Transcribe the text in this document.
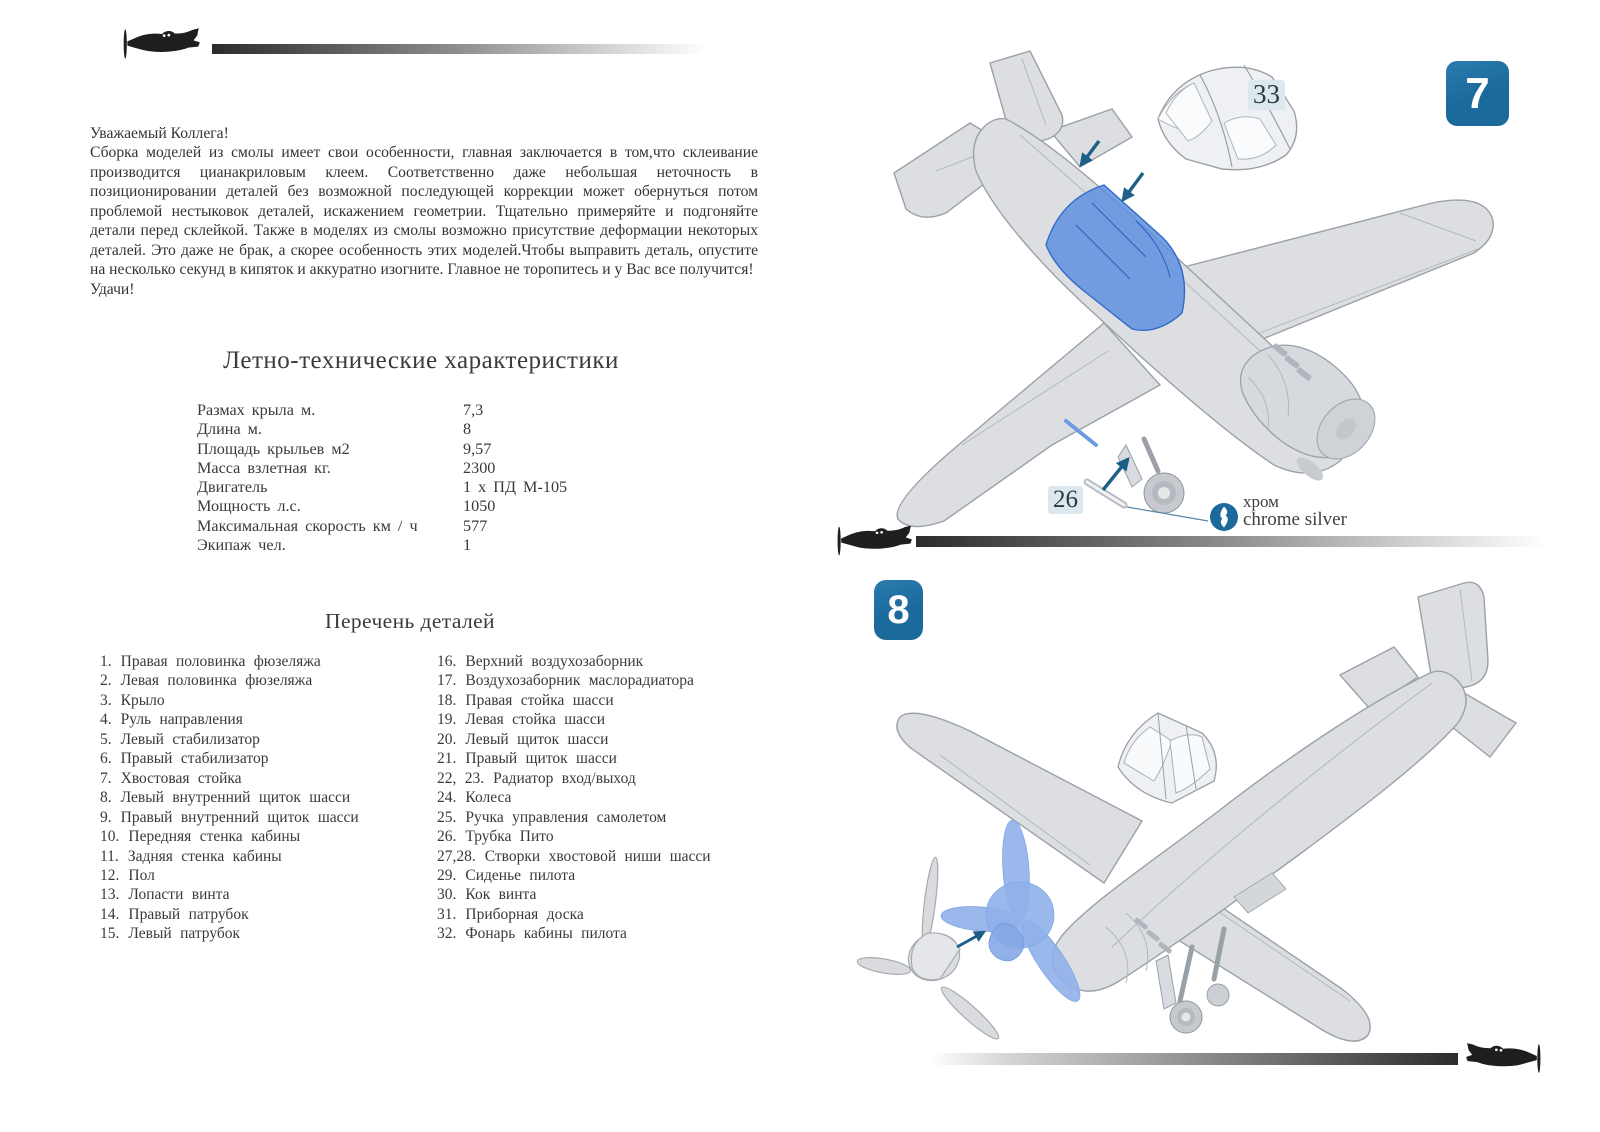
Уважаемый Коллега!
Сборка моделей из смолы имеет свои особенности, главная заключается в том,что склеивание производится цианакриловым клеем. Соответственно даже небольшая неточность в позиционировании деталей без возможной последующей коррекции может обернуться потом проблемой нестыковок деталей, искажением геометрии. Тщательно примеряйте и подгоняйте детали перед склейкой. Также в моделях из смолы возможно присутствие деформации некоторых деталей. Это даже не брак, а скорее особенность этих моделей.Чтобы выправить деталь, опустите на несколько секунд в кипяток и аккуратно изогните. Главное не торопитесь и у Вас все получится!
Удачи!
Летно-технические характеристики
Размах крыла м.	7,3
Длина м.	8
Площадь крыльев м2	9,57
Масса взлетная кг.	2300
Двигатель	1 х ПД М-105
Мощность л.с.	1050
Максимальная скорость км / ч	577
Экипаж чел.	1
Перечень деталей
1. Правая половинка фюзеляжа
2. Левая половинка фюзеляжа
3. Крыло
4. Руль направления
5. Левый стабилизатор
6. Правый стабилизатор
7. Хвостовая стойка
8. Левый внутренний щиток шасси
9. Правый внутренний щиток шасси
10. Передняя стенка кабины
11. Задняя стенка кабины
12. Пол
13. Лопасти винта
14. Правый патрубок
15. Левый патрубок
16. Верхний воздухозаборник
17. Воздухозаборник маслорадиатора
18. Правая стойка шасси
19. Левая стойка шасси
20. Левый щиток шасси
21. Правый щиток шасси
22, 23. Радиатор вход/выход
24. Колеса
25. Ручка управления самолетом
26. Трубка Пито
27,28. Створки хвостовой ниши шасси
29. Сиденье пилота
30. Кок винта
31. Приборная доска
32. Фонарь кабины пилота
7
33
26	хром
chrome silver
8
